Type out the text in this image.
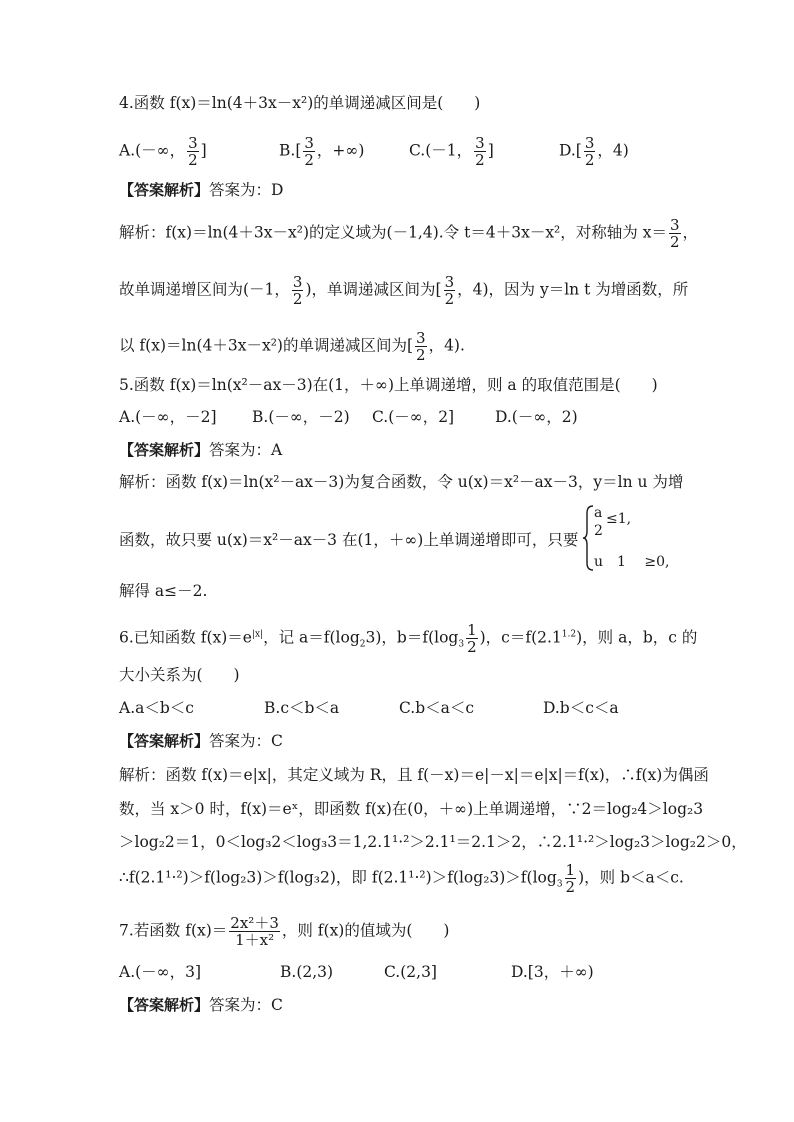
4.函数 f(x)＝ln(4＋3x－x²)的单调递减区间是(　　)
A.(－∞， $\frac{3}{2}$ ]	$B.[ \frac{3}{2}$ ，+∞)	C.(－1， $\frac{3}{2}$ ]	$D.[ \frac{3}{2}$ ，4)
【答案解析】答案为：D
解析：f(x)＝ln(4＋3x－x²)的定义域为(－1,4).令 t＝4＋3x－x²，对称轴为 $x= \frac{3}{2}$ ，
故单调递增区间为(－1， $\frac{3}{2}$ )，单调递减区间为[ $\frac{3}{2}$ ，4)，因为 y＝ln t 为增函数，所
以 f(x)＝ln(4＋3x－x²)的单调递减区间为[ $\frac{3}{2}$ ，4).
5.函数 f(x)＝ln(x²－ax－3)在(1，＋∞)上单调递增，则 a 的取值范围是(　　)
A.(－∞，－2] B.(－∞，－2) C.(－∞，2]	D.(－∞，2)
【答案解析】答案为：A
解析：函数 f(x)＝ln(x²－ax－3)为复合函数，令 u(x)＝x²－ax－3，y＝ln u 为增
函数，故只要 u(x)＝x²－ax－3 在(1，＋∞)上单调递增即可，只要
a ≤1,
2
u　1　 ≥0,
解得 a≤－2.
6.已知函数 $f(x)=e^{|x|}$，记 $a=f(\log_23)$，$b=f(\log_3 \frac{1}{2}$ )，$c=f(2.1^{1.2})$，则 a，b，c 的
大小关系为(　　)
A.a＜b＜c	B.c＜b＜a	C.b＜a＜c	D.b＜c＜a
【答案解析】答案为：C
解析：函数 f(x)＝e|x|，其定义域为 R，且 f(－x)＝e|－x|＝e|x|＝f(x)，∴f(x)为偶函
数，当 x＞0 时，f(x)＝eˣ，即函数 f(x)在(0，＋∞)上单调递增，∵2＝log₂4＞log₂3
＞log₂2＝1，0＜log₃2＜log₃3＝1,2.1¹·²＞2.1¹＝2.1＞2，∴2.1¹·²＞log₂3＞log₂2＞0，
∴f(2.1¹·²)＞f(log₂3)＞f(log₃2)，即 $f(2.1^1\cdot^2)>f(\log_23)>f(\log_3 \frac{1}{2}$ )，则 b＜a＜c.
7.若函数 $f(x)= \frac{\text{2x²＋3}}{\text{1＋x²}}$ ，则 f(x)的值域为(　　)
A.(－∞，3]	B.(2,3)	C.(2,3]	D.[3，＋∞)
【答案解析】答案为：C
